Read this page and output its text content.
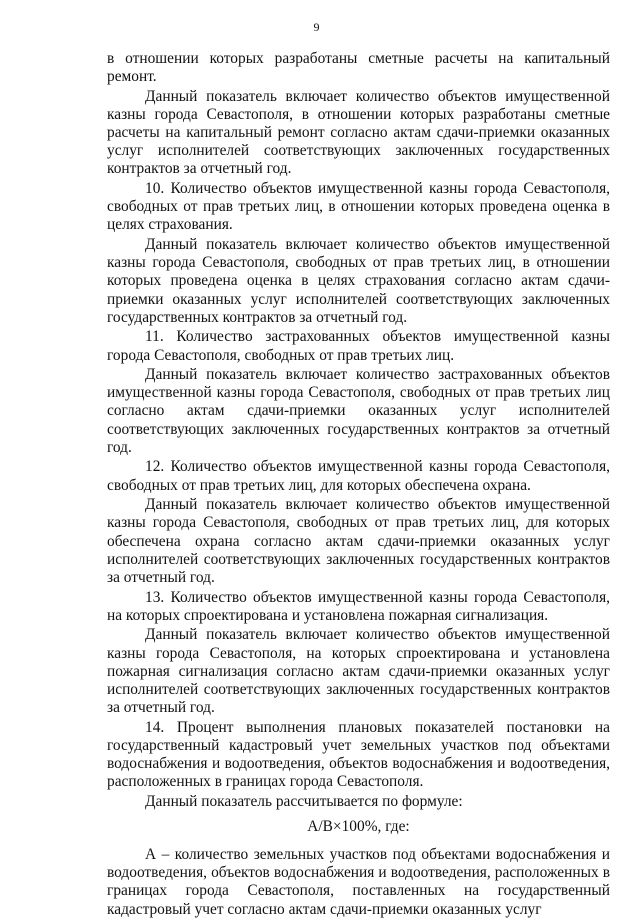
9

в отношении которых разработаны сметные расчеты на капитальный ремонт.

Данный показатель включает количество объектов имущественной казны города Севастополя, в отношении которых разработаны сметные расчеты на капитальный ремонт согласно актам сдачи-приемки оказанных услуг исполнителей соответствующих заключенных государственных контрактов за отчетный год.

10. Количество объектов имущественной казны города Севастополя, свободных от прав третьих лиц, в отношении которых проведена оценка в целях страхования.

Данный показатель включает количество объектов имущественной казны города Севастополя, свободных от прав третьих лиц, в отношении которых проведена оценка в целях страхования согласно актам сдачи-приемки оказанных услуг исполнителей соответствующих заключенных государственных контрактов за отчетный год.

11. Количество застрахованных объектов имущественной казны города Севастополя, свободных от прав третьих лиц.

Данный показатель включает количество застрахованных объектов имущественной казны города Севастополя, свободных от прав третьих лиц согласно актам сдачи-приемки оказанных услуг исполнителей соответствующих заключенных государственных контрактов за отчетный год.

12. Количество объектов имущественной казны города Севастополя, свободных от прав третьих лиц, для которых обеспечена охрана.

Данный показатель включает количество объектов имущественной казны города Севастополя, свободных от прав третьих лиц, для которых обеспечена охрана согласно актам сдачи-приемки оказанных услуг исполнителей соответствующих заключенных государственных контрактов за отчетный год.

13. Количество объектов имущественной казны города Севастополя, на которых спроектирована и установлена пожарная сигнализация.

Данный показатель включает количество объектов имущественной казны города Севастополя, на которых спроектирована и установлена пожарная сигнализация согласно актам сдачи-приемки оказанных услуг исполнителей соответствующих заключенных государственных контрактов за отчетный год.

14. Процент выполнения плановых показателей постановки на государственный кадастровый учет земельных участков под объектами водоснабжения и водоотведения, объектов водоснабжения и водоотведения, расположенных в границах города Севастополя.

Данный показатель рассчитывается по формуле:

A/B×100%, где:

А – количество земельных участков под объектами водоснабжения и водоотведения, объектов водоснабжения и водоотведения, расположенных в границах города Севастополя, поставленных на государственный кадастровый учет согласно актам сдачи-приемки оказанных услуг
